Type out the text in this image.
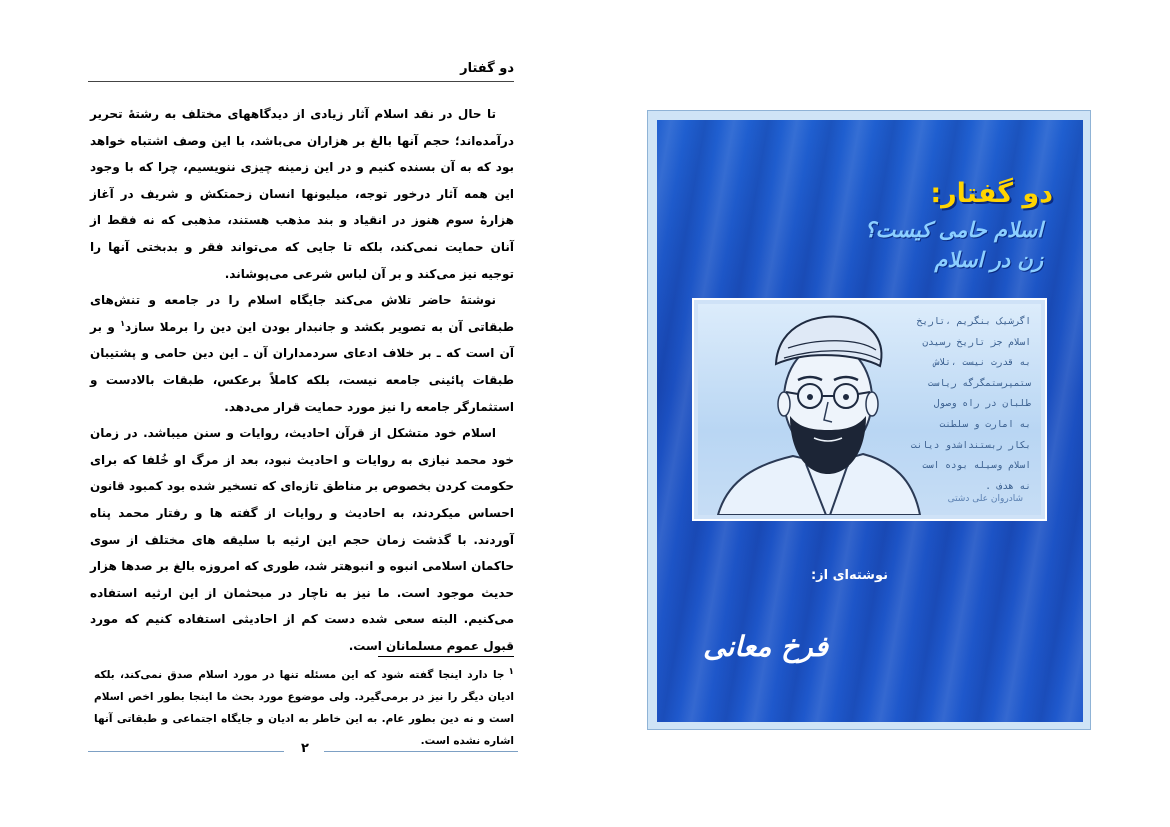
دو گفتار

تا حال در نقد اسلام آثار زیادی از دیدگاههای مختلف به رشتهٔ تحریر درآمده‌اند؛ حجم آنها بالغ بر هزاران می‌باشد، با این وصف اشتباه خواهد بود که به آن بسنده کنیم و در این زمینه چیزی ننویسیم، چرا که با وجود این همه آثار درخور توجه، میلیونها انسان زحمتکش و شریف در آغاز هزارهٔ سوم هنوز در انقیاد و بند مذهب هستند، مذهبی که نه فقط از آنان حمایت نمی‌کند، بلکه تا جایی که می‌تواند فقر و بدبختی آنها را توجیه نیز می‌کند و بر آن لباس شرعی می‌پوشاند.

نوشتهٔ حاضر تلاش می‌کند جایگاه اسلام را در جامعه و تنش‌های طبقاتی آن به تصویر بکشد و جانبدار بودن این دین را برملا سازد$^۱$ و بر آن است که ـ بر خلاف ادعای سردمداران آن ـ این دین حامی و پشتیبان طبقات پائینی جامعه نیست، بلکه کاملاً برعکس، طبقات بالادست و استثمارگر جامعه را نیز مورد حمایت قرار می‌دهد.

اسلام خود متشکل از قرآن احادیث، روایات و سنن میباشد. در زمان خود محمد نیازی به روایات و احادیث نبود، بعد از مرگ او خُلفا که برای حکومت کردن بخصوص بر مناطق تازه‌ای که تسخیر شده بود کمبود قانون احساس میکردند، به احادیث و روایات از گفته ها و رفتار محمد پناه آوردند. با گذشت زمان حجم این ارثیه با سلیقه های مختلف از سوی حاکمان اسلامی انبوه و انبوهتر شد، طوری که امروزه بالغ بر صدها هزار حدیث موجود است. ما نیز به ناچار در مبحثمان از این ارثیه استفاده می‌کنیم. البته سعی شده دست کم از احادیثی استفاده کنیم که مورد قبول عموم مسلمانان است.

۱جا دارد اینجا گفته شود که این مسئله تنها در مورد اسلام صدق نمی‌کند، بلکه ادیان دیگر را نیز در برمی‌گیرد. ولی موضوع مورد بحث ما اینجا بطور اخص اسلام است و نه دین بطور عام. به این خاطر به ادیان و جایگاه اجتماعی و طبقاتی آنها اشاره نشده است.
۲
دو گفتار:
اسلام حامی کیست؟
زن در اسلام
اگرشیک بنگریم ،تاریخ
اسلام جز تاریخ رسیدن
به قدرت نیست ،تلاش
ستمپرستمگرگه ریاست
طلبان در راه وصول
به امارت و سلطنت
بکار ربستنداشدو دیانت
اسلام وسیله بوده است
نه هدف .
شادروان علی دشتی
نوشته‌ای از:
فرخ معانی
